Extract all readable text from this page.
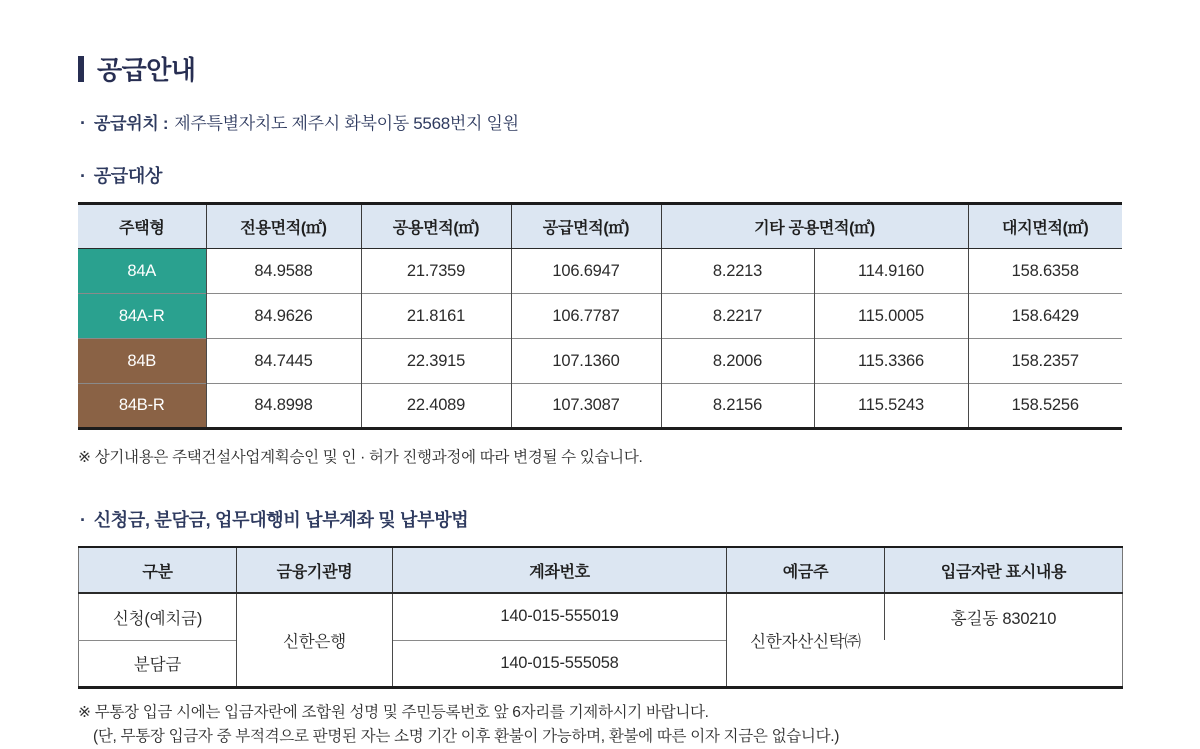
공급안내
· 공급위치 : 제주특별자치도 제주시 화북이동 5568번지 일원
· 공급대상
주택형	전용면적(㎡)	공용면적(㎡)	공급면적(㎡)	기타 공용면적(㎡)		대지면적(㎡)
84A	84.9588	21.7359	106.6947	8.2213	114.9160	158.6358
84A-R	84.9626	21.8161	106.7787	8.2217	115.0005	158.6429
84B	84.7445	22.3915	107.1360	8.2006	115.3366	158.2357
84B-R	84.8998	22.4089	107.3087	8.2156	115.5243	158.5256
※ 상기내용은 주택건설사업계획승인 및 인 · 허가 진행과정에 따라 변경될 수 있습니다.
· 신청금, 분담금, 업무대행비 납부계좌 및 납부방법
구분	금융기관명	계좌번호	예금주	입금자란 표시내용
신청(예치금)	신한은행	140-015-555019	신한자산신탁㈜	홍길동 830210
분담금		140-015-555058		
※ 무통장 입금 시에는 입금자란에 조합원 성명 및 주민등록번호 앞 6자리를 기제하시기 바랍니다.
(단, 무통장 입금자 중 부적격으로 판명된 자는 소명 기간 이후 환불이 가능하며, 환불에 따른 이자 지금은 없습니다.)
